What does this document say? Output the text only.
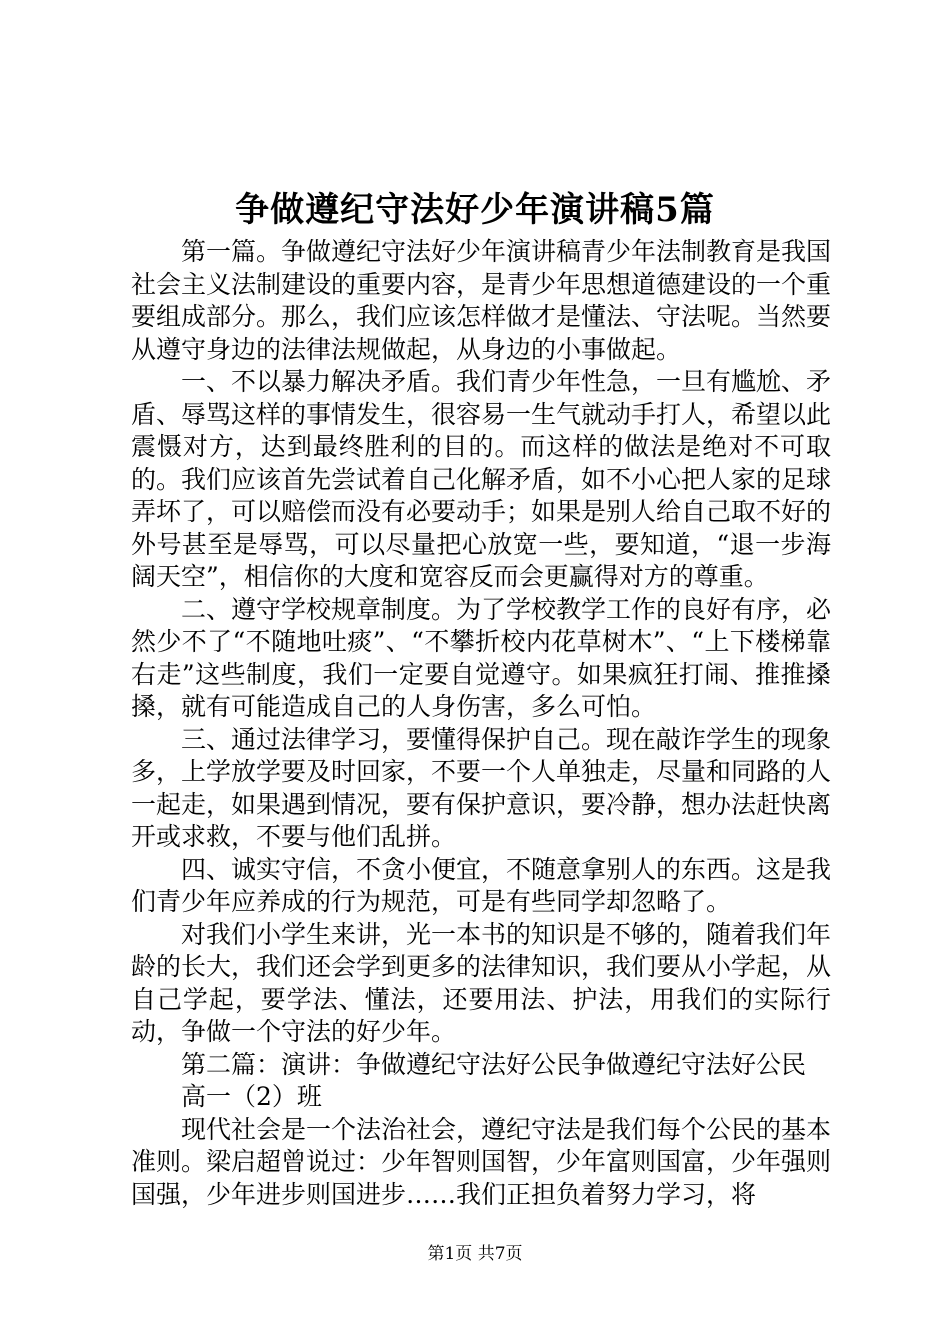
争做遵纪守法好少年演讲稿5篇

第一篇。争做遵纪守法好少年演讲稿青少年法制教育是我国社会主义法制建设的重要内容，是青少年思想道德建设的一个重要组成部分。那么，我们应该怎样做才是懂法、守法呢。当然要从遵守身边的法律法规做起，从身边的小事做起。

一、不以暴力解决矛盾。我们青少年性急，一旦有尴尬、矛盾、辱骂这样的事情发生，很容易一生气就动手打人，希望以此震慑对方，达到最终胜利的目的。而这样的做法是绝对不可取的。我们应该首先尝试着自己化解矛盾，如不小心把人家的足球弄坏了，可以赔偿而没有必要动手；如果是别人给自己取不好的外号甚至是辱骂，可以尽量把心放宽一些，要知道，“退一步海阔天空”，相信你的大度和宽容反而会更赢得对方的尊重。

二、遵守学校规章制度。为了学校教学工作的良好有序，必然少不了“不随地吐痰”、“不攀折校内花草树木”、“上下楼梯靠右走”这些制度，我们一定要自觉遵守。如果疯狂打闹、推推搡搡，就有可能造成自己的人身伤害，多么可怕。

三、通过法律学习，要懂得保护自己。现在敲诈学生的现象多，上学放学要及时回家，不要一个人单独走，尽量和同路的人一起走，如果遇到情况，要有保护意识，要冷静，想办法赶快离开或求救，不要与他们乱拼。

四、诚实守信，不贪小便宜，不随意拿别人的东西。这是我们青少年应养成的行为规范，可是有些同学却忽略了。

对我们小学生来讲，光一本书的知识是不够的，随着我们年龄的长大，我们还会学到更多的法律知识，我们要从小学起，从自己学起，要学法、懂法，还要用法、护法，用我们的实际行动，争做一个守法的好少年。

第二篇：演讲：争做遵纪守法好公民争做遵纪守法好公民

高一（2）班

现代社会是一个法治社会，遵纪守法是我们每个公民的基本准则。梁启超曾说过：少年智则国智，少年富则国富，少年强则国强，少年进步则国进步……我们正担负着努力学习，将

第1页 共7页
